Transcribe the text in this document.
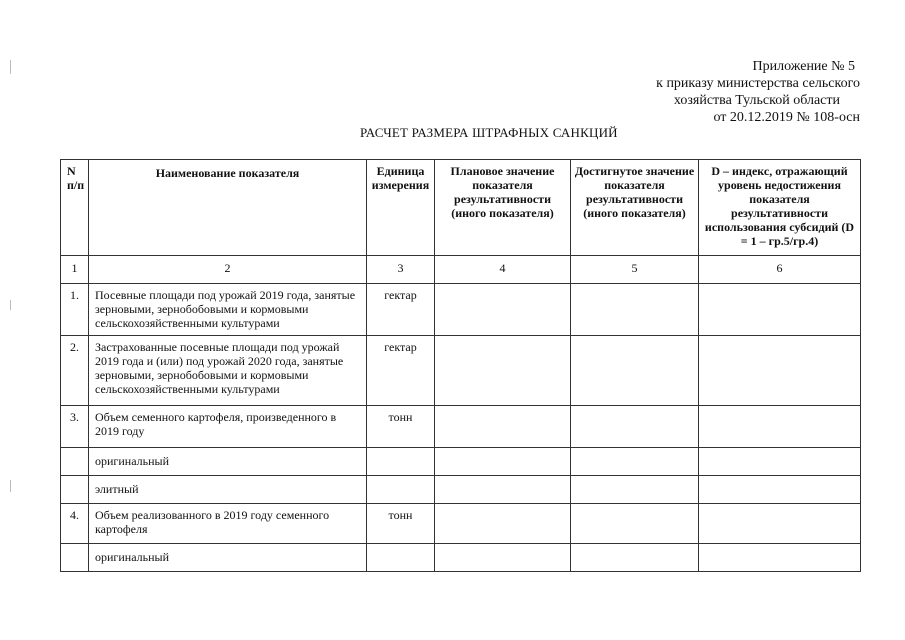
Приложение № 5
к приказу министерства сельского
хозяйства Тульской области
от 20.12.2019 № 108-осн
РАСЧЕТ РАЗМЕРА ШТРАФНЫХ САНКЦИЙ
N п/п	Наименование показателя	Единица измерения	Плановое значение показателя результативности (иного показателя)	Достигнутое значение показателя результативности (иного показателя)	D – индекс, отражающий уровень недостижения показателя результативности использования субсидий (D = 1 – гр.5/гр.4)
1	2	3	4	5	6
1.	Посевные площади под урожай 2019 года, занятые зерновыми, зернобобовыми и кормовыми сельскохозяйственными культурами	гектар			
2.	Застрахованные посевные площади под урожай 2019 года и (или) под урожай 2020 года, занятые зерновыми, зернобобовыми и кормовыми сельскохозяйственными культурами	гектар			
3.	Объем семенного картофеля, произведенного в 2019 году	тонн			
	оригинальный				
	элитный				
4.	Объем реализованного в 2019 году семенного картофеля	тонн			
	оригинальный				
